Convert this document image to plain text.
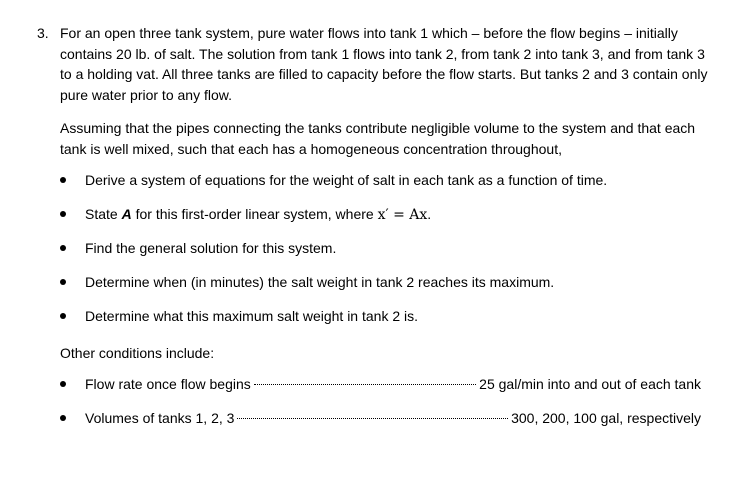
3. For an open three tank system, pure water flows into tank 1 which – before the flow begins – initially contains 20 lb. of salt. The solution from tank 1 flows into tank 2, from tank 2 into tank 3, and from tank 3 to a holding vat. All three tanks are filled to capacity before the flow starts. But tanks 2 and 3 contain only pure water prior to any flow.
Assuming that the pipes connecting the tanks contribute negligible volume to the system and that each tank is well mixed, such that each has a homogeneous concentration throughout,
Derive a system of equations for the weight of salt in each tank as a function of time.
State A for this first-order linear system, where x′ = Ax.
Find the general solution for this system.
Determine when (in minutes) the salt weight in tank 2 reaches its maximum.
Determine what this maximum salt weight in tank 2 is.
Other conditions include:
Flow rate once flow begins	25 gal/min into and out of each tank
Volumes of tanks 1, 2, 3	300, 200, 100 gal, respectively
